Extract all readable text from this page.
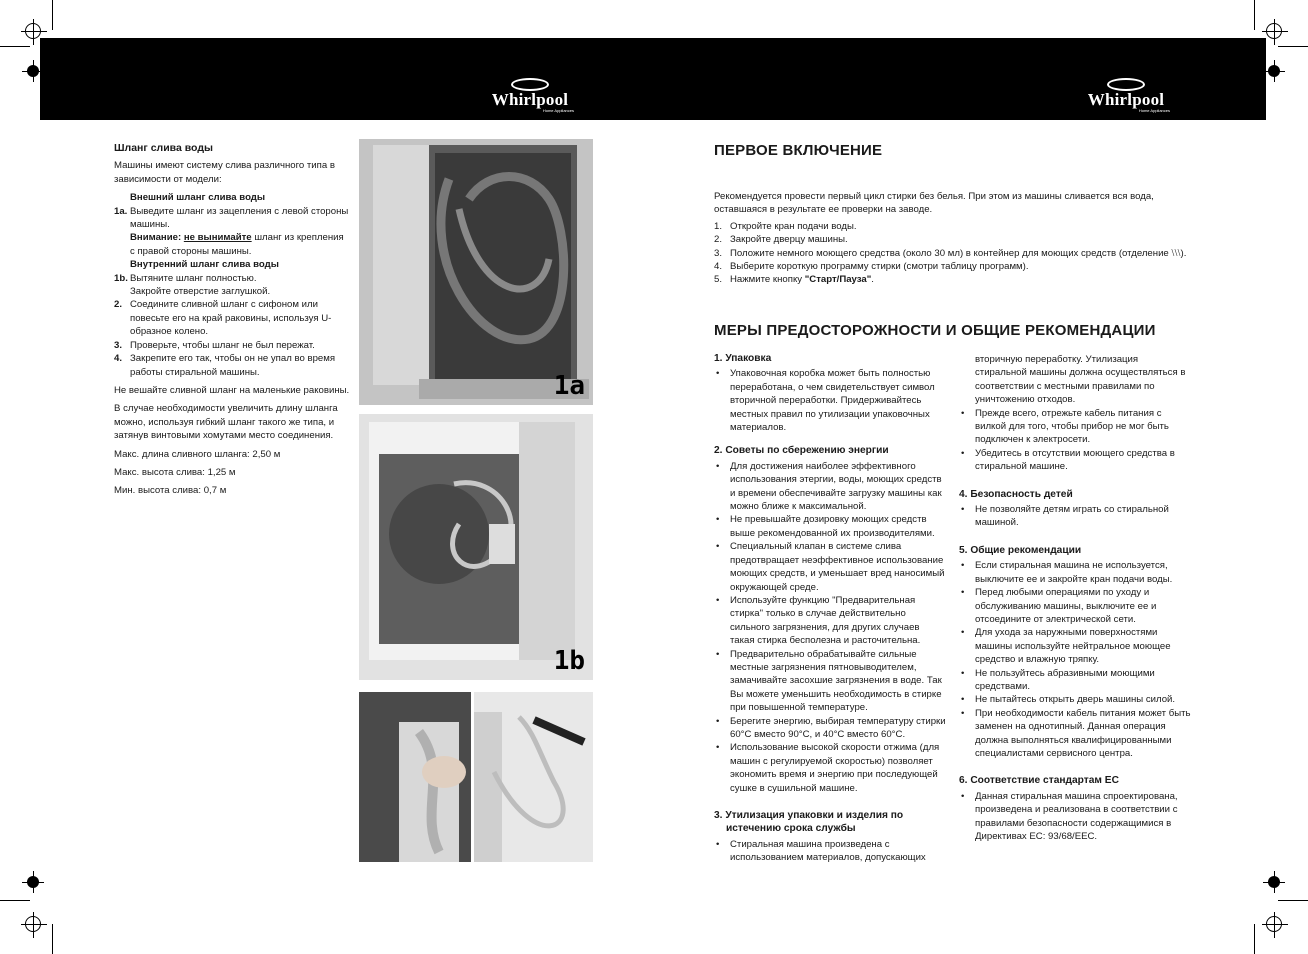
Whirlpool
Home Appliances
Whirlpool
Home Appliances
Шланг слива воды

Машины имеют систему слива различного типа в зависимости от модели:

Внешний шланг слива воды
1a. Выведите шланг из зацепления с левой стороны машины.
Внимание: не вынимайте шланг из крепления с правой стороны машины.
Внутренний шланг слива воды
1b. Вытяните шланг полностью.
Закройте отверстие заглушкой.
2. Соедините сливной шланг с сифоном или повесьте его на край раковины, используя U-образное колено.
3. Проверьте, чтобы шланг не был пережат.
4. Закрепите его так, чтобы он не упал во время работы стиральной машины.

Не вешайте сливной шланг на маленькие раковины.

В случае необходимости увеличить длину шланга можно, используя гибкий шланг такого же типа, и затянув винтовыми хомутами место соединения.

Макс. длина сливного шланга: 2,50 м

Макс. высота слива: 1,25 м

Мин. высота слива: 0,7 м

1a
1b
ПЕРВОЕ ВКЛЮЧЕНИЕ

Рекомендуется провести первый цикл стирки без белья. При этом из машины сливается вся вода, оставшаяся в результате ее проверки на заводе.

1. Откройте кран подачи воды.
2. Закройте дверцу машины.
3. Положите немного моющего средства (около 30 мл) в контейнер для моющих средств (отделение ⧵⧵⧵).
4. Выберите короткую программу стирки (смотри таблицу программ).
5. Нажмите кнопку "Старт/Пауза".
МЕРЫ ПРЕДОСТОРОЖНОСТИ И ОБЩИЕ РЕКОМЕНДАЦИИ
1. Упаковка
•	Упаковочная коробка может быть полностью переработана, о чем свидетельствует символ вторичной переработки. Придерживайтесь местных правил по утилизации упаковочных материалов.
2. Советы по сбережению энергии
•	Для достижения наиболее эффективного использования этергии, воды, моющих средств и времени обеспечивайте загрузку машины как можно ближе к максимальной.
•	Не превышайте дозировку моющих средств выше рекомендованной их производителями.
•	Специальный клапан в системе слива предотвращает неэффективное использование моющих средств, и уменьшает вред наносимый окружающей среде.
•	Используйте функцию "Предварительная стирка" только в случае действительно сильного загрязнения, для других случаев такая стирка бесполезна и расточительна.
•	Предварительно обрабатывайте сильные местные загрязнения пятновыводителем, замачивайте засохшие загрязнения в воде. Так Вы можете уменьшить необходимость в стирке при повышенной температуре.
•	Берегите энергию, выбирая температуру стирки 60°C вместо 90°C, и 40°C вместо 60°C.
•	Использование высокой скорости отжима (для машин с регулируемой скоростью) позволяет экономить время и энергию при последующей сушке в сушильной машине.
3. Утилизация упаковки и изделия по
истечению срока службы
•	Стиральная машина произведена с использованием материалов, допускающих
вторичную переработку. Утилизация стиральной машины должна осуществляться в соответствии с местными правилами по уничтожению отходов.
•	Прежде всего, отрежьте кабель питания с вилкой для того, чтобы прибор не мог быть подключен к электросети.
•	Убедитесь в отсутствии моющего средства в стиральной машине.
4. Безопасность детей
•	Не позволяйте детям играть со стиральной машиной.
5. Общие рекомендации
•	Если стиральная машина не используется, выключите ее и закройте кран подачи воды.
•	Перед любыми операциями по уходу и обслуживанию машины, выключите ее и отсоедините от электрической сети.
•	Для ухода за наружными поверхностями машины используйте нейтральное моющее средство и влажную тряпку.
•	Не пользуйтесь абразивными моющими средствами.
•	Не пытайтесь открыть дверь машины силой.
•	При необходимости кабель питания может быть заменен на однотипный. Данная операция должна выполняться квалифицированными специалистами сервисного центра.
6. Соответствие стандартам EC
•	Данная стиральная машина спроектирована, произведена и реализована в соответствии с правилами безопасности содержащимися в Директивах EC: 93/68/EEC.
